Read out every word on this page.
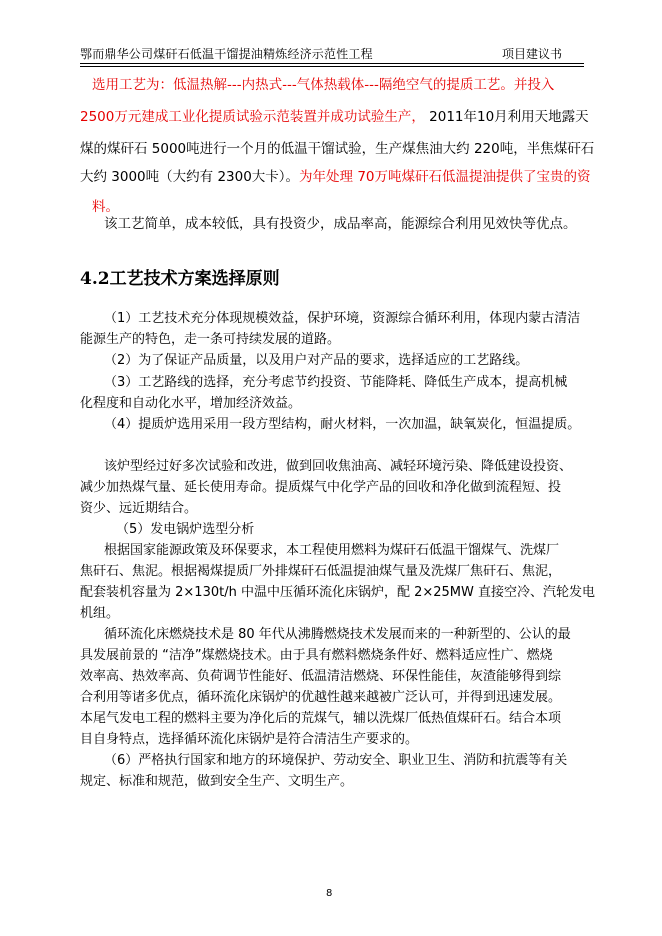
鄂而鼎华公司煤矸石低温干馏提油精炼经济示范性工程	项目建议书
选用工艺为：低温热解---内热式---气体热载体---隔绝空气的提质工艺。并投入
2500万元建成工业化提质试验示范装置并成功试验生产， 2011年10月利用天地露天
煤的煤矸石 5000吨进行一个月的低温干馏试验，生产煤焦油大约 220吨，半焦煤矸石
大约 3000吨（大约有 2300大卡）。为年处理 70万吨煤矸石低温提油提供了宝贵的资
料。
该工艺简单，成本较低，具有投资少，成品率高，能源综合利用见效快等优点。
4.2工艺技术方案选择原则
（1）工艺技术充分体现规模效益，保护环境，资源综合循环利用，体现内蒙古清洁
能源生产的特色，走一条可持续发展的道路。
（2）为了保证产品质量，以及用户对产品的要求，选择适应的工艺路线。
（3）工艺路线的选择，充分考虑节约投资、节能降耗、降低生产成本，提高机械
化程度和自动化水平，增加经济效益。
（4）提质炉选用采用一段方型结构，耐火材料，一次加温，缺氧炭化，恒温提质。
该炉型经过好多次试验和改进，做到回收焦油高、减轻环境污染、降低建设投资、
减少加热煤气量、延长使用寿命。提质煤气中化学产品的回收和净化做到流程短、投
资少、远近期结合。
（5）发电锅炉选型分析
根据国家能源政策及环保要求，本工程使用燃料为煤矸石低温干馏煤气、洗煤厂
焦矸石、焦泥。根据褐煤提质厂外排煤矸石低温提油煤气量及洗煤厂焦矸石、焦泥，
配套装机容量为 2×130t/h 中温中压循环流化床锅炉，配 2×25MW 直接空冷、汽轮发电
机组。
循环流化床燃烧技术是 80 年代从沸腾燃烧技术发展而来的一种新型的、公认的最
具发展前景的 “洁净”煤燃烧技术。由于具有燃料燃烧条件好、燃料适应性广、燃烧
效率高、热效率高、负荷调节性能好、低温清洁燃烧、环保性能佳，灰渣能够得到综
合利用等诸多优点，循环流化床锅炉的优越性越来越被广泛认可，并得到迅速发展。
本尾气发电工程的燃料主要为净化后的荒煤气，辅以洗煤厂低热值煤矸石。结合本项
目自身特点，选择循环流化床锅炉是符合清洁生产要求的。
（6）严格执行国家和地方的环境保护、劳动安全、职业卫生、消防和抗震等有关
规定、标准和规范，做到安全生产、文明生产。
8
